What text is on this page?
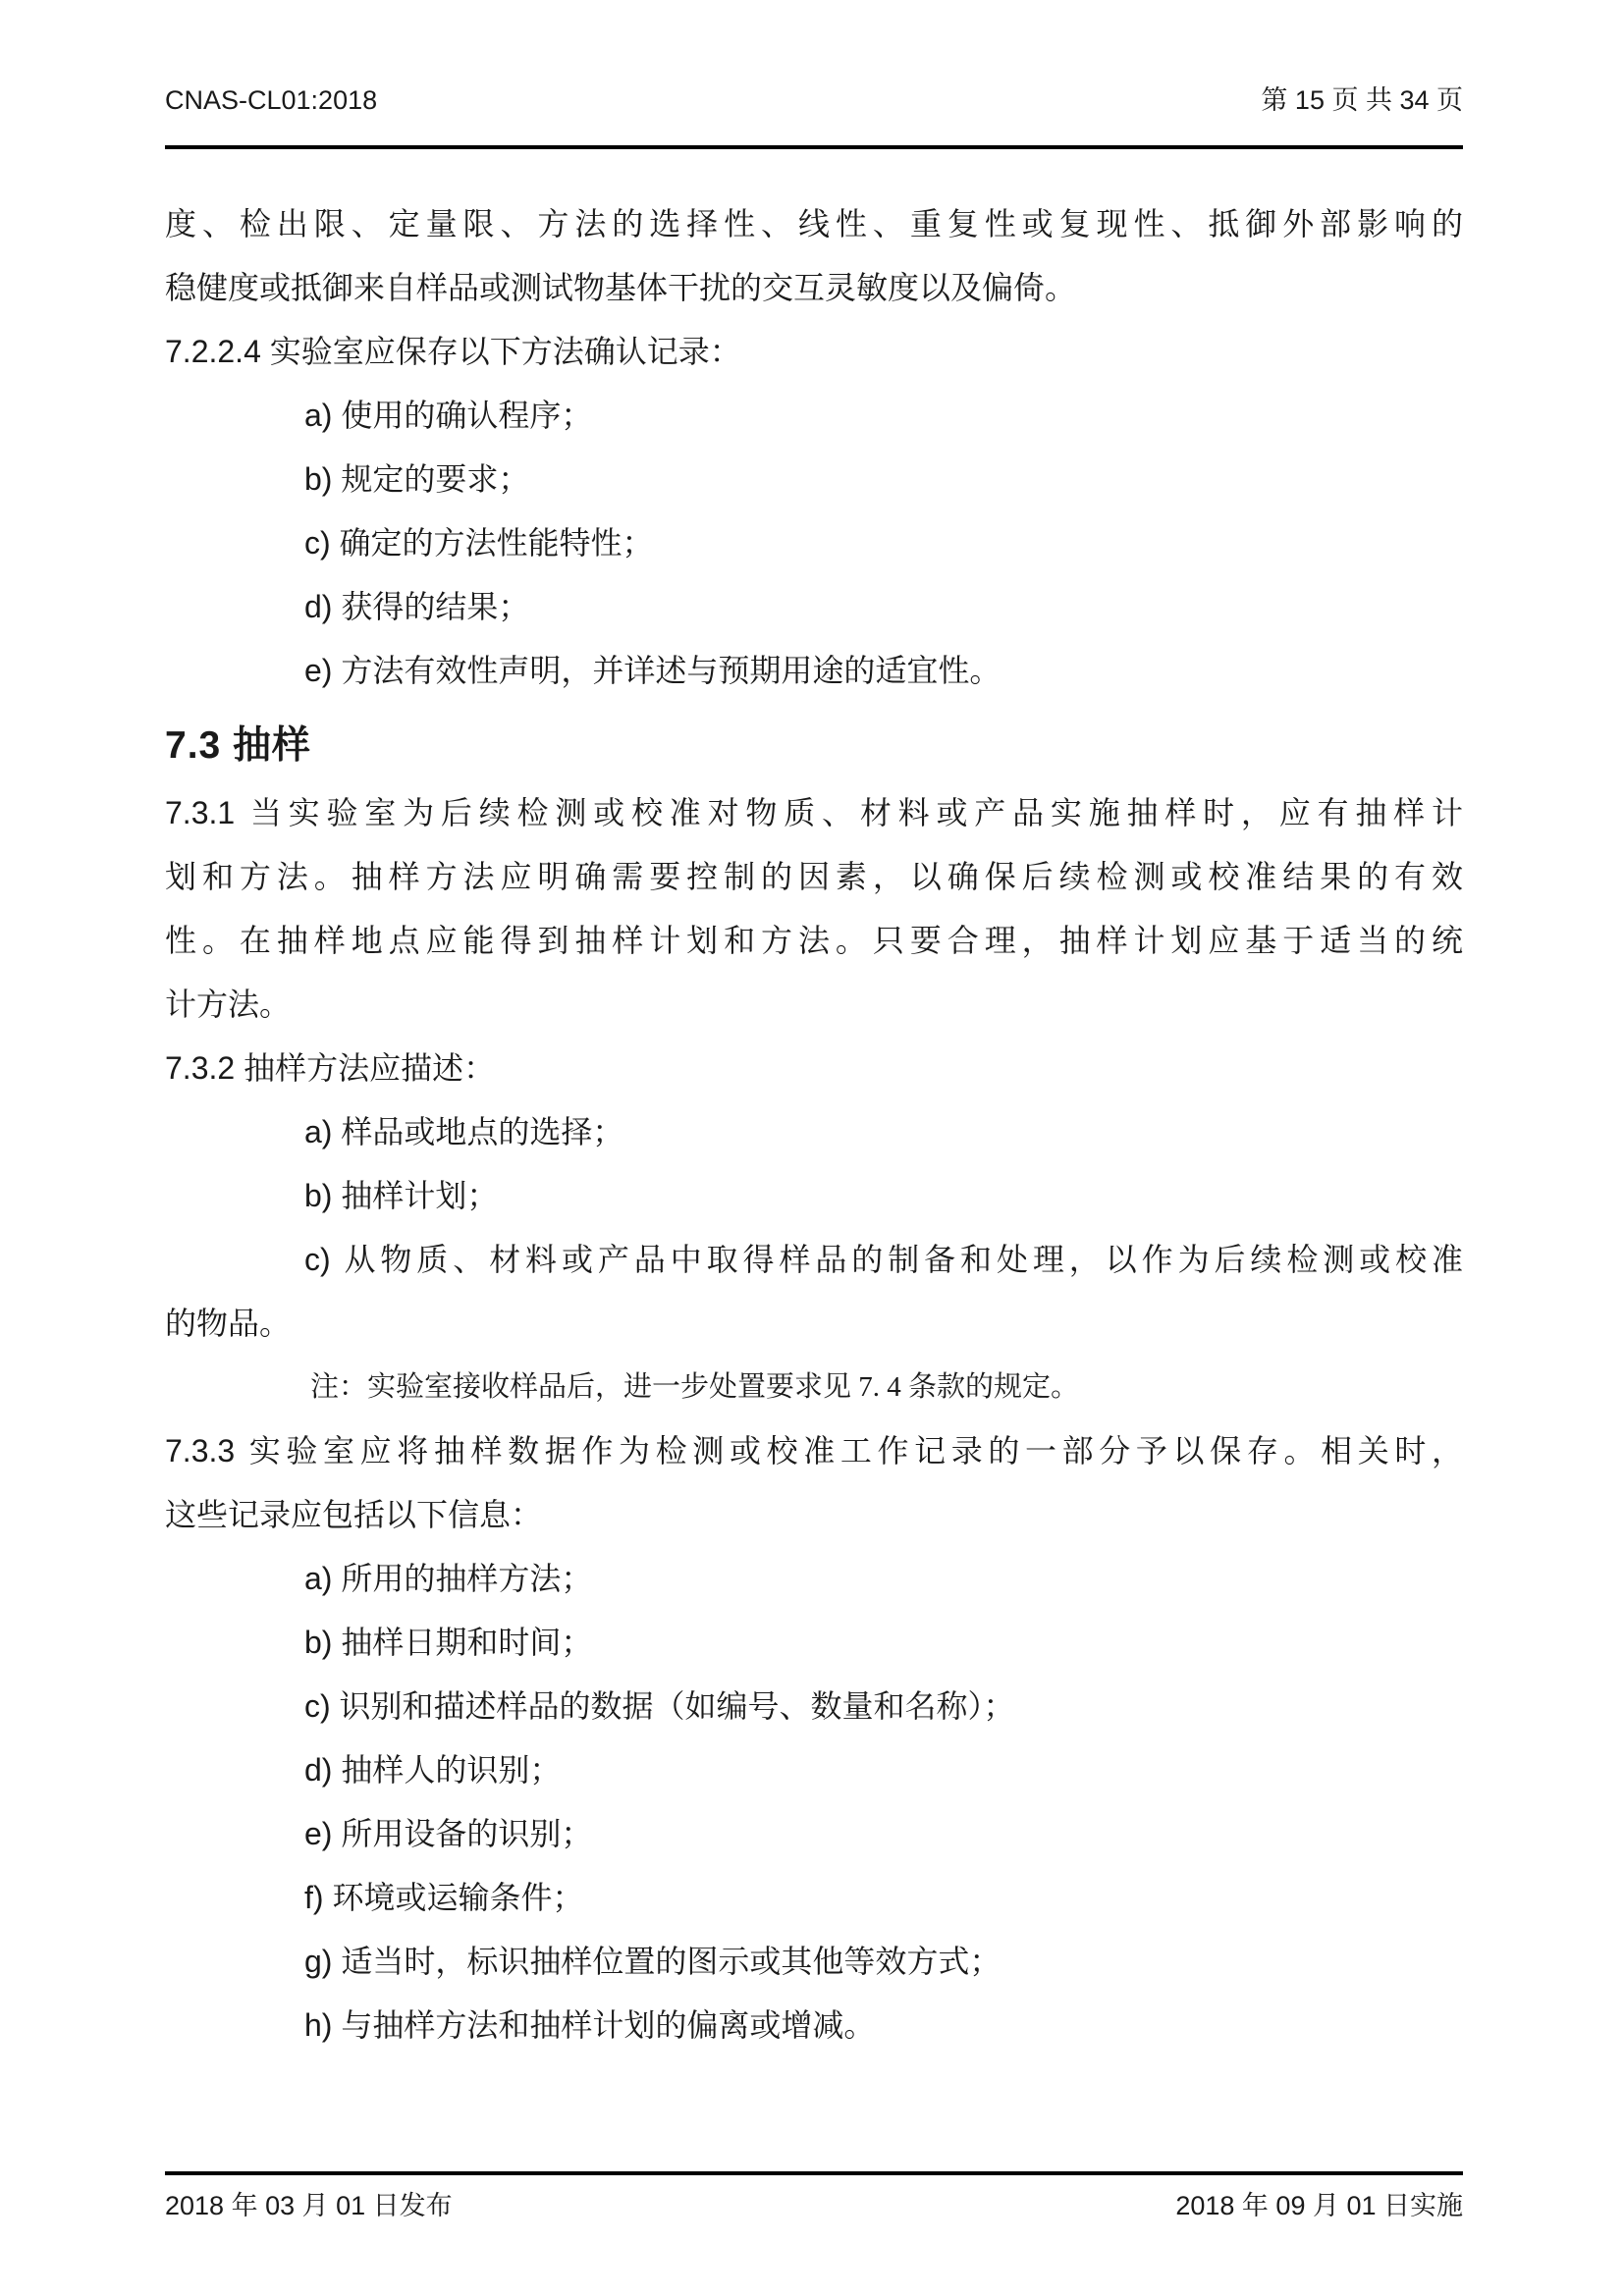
CNAS-CL01:2018	第 15 页 共 34 页

度、检出限、定量限、方法的选择性、线性、重复性或复现性、抵御外部影响的

稳健度或抵御来自样品或测试物基体干扰的交互灵敏度以及偏倚。

7.2.2.4 实验室应保存以下方法确认记录：

a) 使用的确认程序；

b) 规定的要求；

c) 确定的方法性能特性；

d) 获得的结果；

e) 方法有效性声明，并详述与预期用途的适宜性。

7.3 抽样

7.3.1 当实验室为后续检测或校准对物质、材料或产品实施抽样时，应有抽样计

划和方法。抽样方法应明确需要控制的因素，以确保后续检测或校准结果的有效

性。在抽样地点应能得到抽样计划和方法。只要合理，抽样计划应基于适当的统

计方法。

7.3.2 抽样方法应描述：

a) 样品或地点的选择；

b) 抽样计划；

c) 从物质、材料或产品中取得样品的制备和处理，以作为后续检测或校准

的物品。

注：实验室接收样品后，进一步处置要求见 7. 4 条款的规定。

7.3.3 实验室应将抽样数据作为检测或校准工作记录的一部分予以保存。相关时，

这些记录应包括以下信息：

a) 所用的抽样方法；

b) 抽样日期和时间；

c) 识别和描述样品的数据（如编号、数量和名称）；

d) 抽样人的识别；

e) 所用设备的识别；

f) 环境或运输条件；

g) 适当时，标识抽样位置的图示或其他等效方式；

h) 与抽样方法和抽样计划的偏离或增减。

2018 年 03 月 01 日发布	2018 年 09 月 01 日实施
